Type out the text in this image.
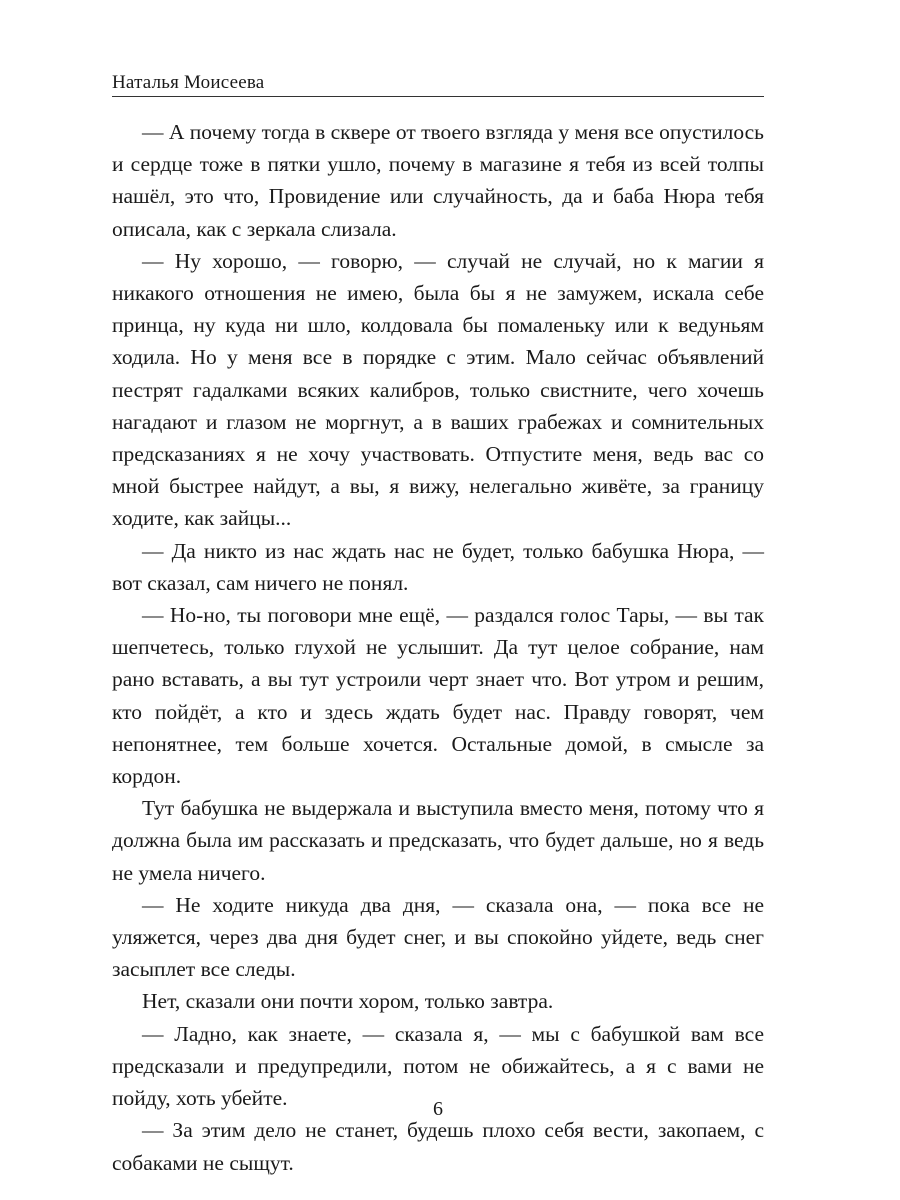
Наталья Моисеева

— А почему тогда в сквере от твоего взгляда у меня все опустилось и сердце тоже в пятки ушло, почему в магазине я тебя из всей толпы нашёл, это что, Провидение или случайность, да и баба Нюра тебя описала, как с зеркала слизала.

— Ну хорошо, — говорю, — случай не случай, но к магии я никакого отношения не имею, была бы я не замужем, искала себе принца, ну куда ни шло, колдовала бы помаленьку или к ведуньям ходила. Но у меня все в порядке с этим. Мало сейчас объявлений пестрят гадалками всяких калибров, только свистните, чего хочешь нагадают и глазом не моргнут, а в ваших грабежах и сомнительных предсказаниях я не хочу участвовать. Отпустите меня, ведь вас со мной быстрее найдут, а вы, я вижу, нелегально живёте, за границу ходите, как зайцы...

— Да никто из нас ждать нас не будет, только бабушка Нюра, — вот сказал, сам ничего не понял.

— Но-но, ты поговори мне ещё, — раздался голос Тары, — вы так шепчетесь, только глухой не услышит. Да тут целое собрание, нам рано вставать, а вы тут устроили черт знает что. Вот утром и решим, кто пойдёт, а кто и здесь ждать будет нас. Правду говорят, чем непонятнее, тем больше хочется. Остальные домой, в смысле за кордон.

Тут бабушка не выдержала и выступила вместо меня, потому что я должна была им рассказать и предсказать, что будет дальше, но я ведь не умела ничего.

— Не ходите никуда два дня, — сказала она, — пока все не уляжется, через два дня будет снег, и вы спокойно уйдете, ведь снег засыплет все следы.

Нет, сказали они почти хором, только завтра.

— Ладно, как знаете, — сказала я, — мы с бабушкой вам все предсказали и предупредили, потом не обижайтесь, а я с вами не пойду, хоть убейте.

— За этим дело не станет, будешь плохо себя вести, закопаем, с собаками не сыщут.

6
